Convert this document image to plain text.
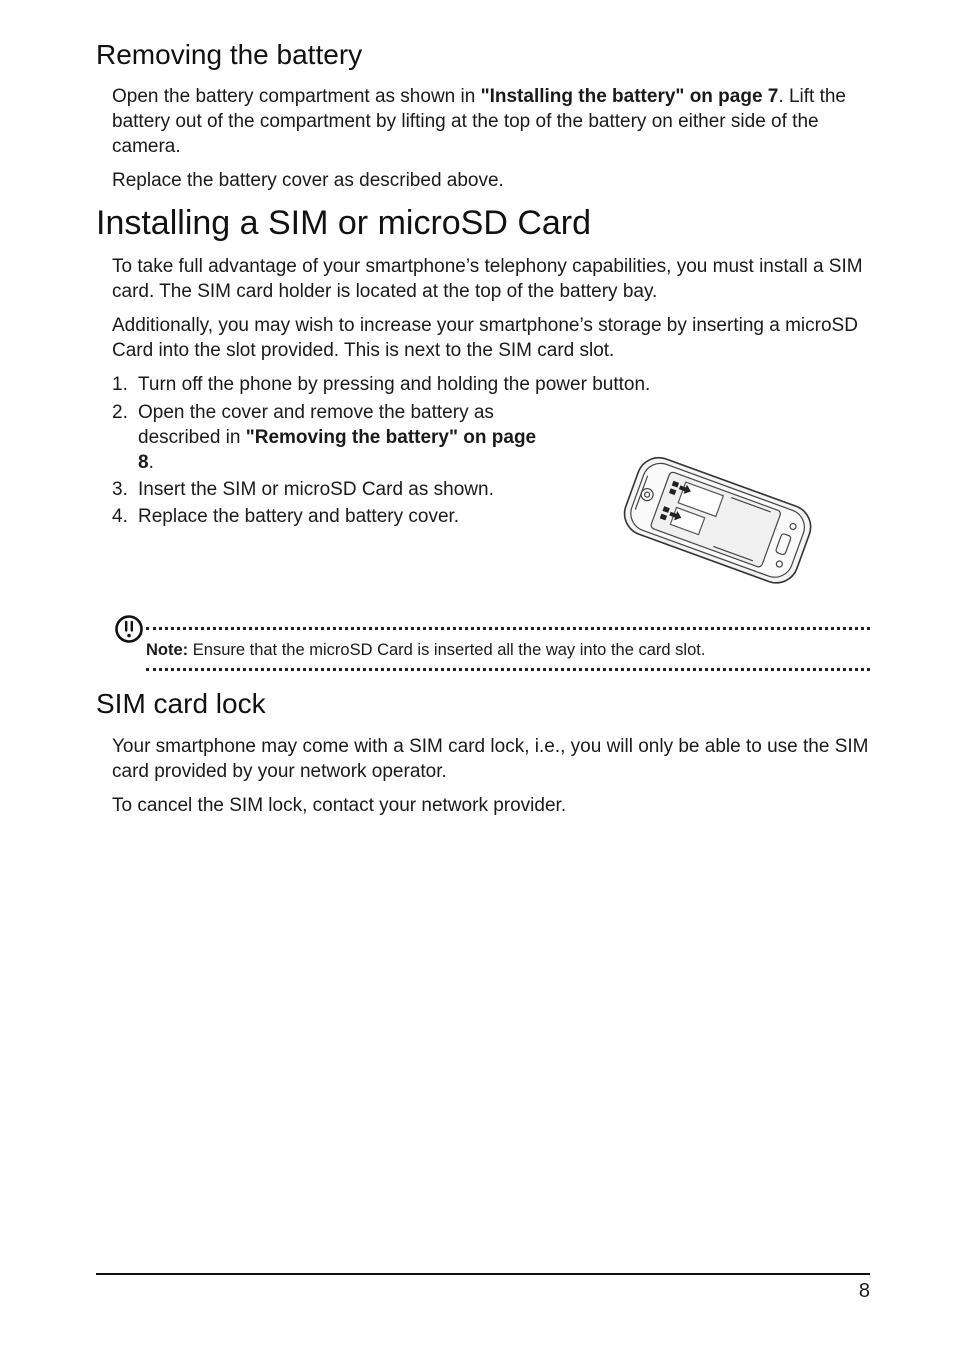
Removing the battery

Open the battery compartment as shown in "Installing the battery" on page 7. Lift the battery out of the compartment by lifting at the top of the battery on either side of the camera.

Replace the battery cover as described above.

Installing a SIM or microSD Card

To take full advantage of your smartphone’s telephony capabilities, you must install a SIM card. The SIM card holder is located at the top of the battery bay.

Additionally, you may wish to increase your smartphone’s storage by inserting a microSD Card into the slot provided. This is next to the SIM card slot.

1. Turn off the phone by pressing and holding the power button.
2. Open the cover and remove the battery as described in "Removing the battery" on page 8.
3. Insert the SIM or microSD Card as shown.
4. Replace the battery and battery cover.
Note: Ensure that the microSD Card is inserted all the way into the card slot.
SIM card lock

Your smartphone may come with a SIM card lock, i.e., you will only be able to use the SIM card provided by your network operator.

To cancel the SIM lock, contact your network provider.

8
